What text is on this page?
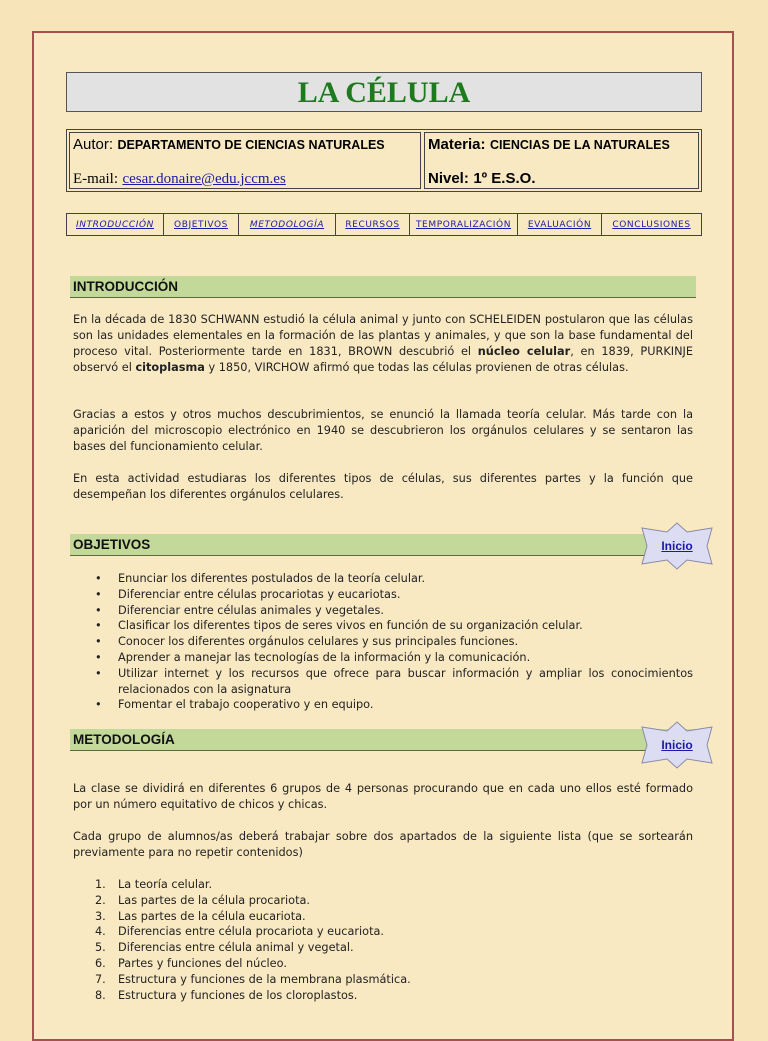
LA CÉLULA
Autor: DEPARTAMENTO DE CIENCIAS NATURALES
E-mail: cesar.donaire@edu.jccm.es
Materia: CIENCIAS DE LA NATURALES
Nivel: 1º E.S.O.
INTRODUCCIÓN	OBJETIVOS	METODOLOGÍA	RECURSOS	TEMPORALIZACIÓN	EVALUACIÓN	CONCLUSIONES
INTRODUCCIÓN

En la década de 1830 SCHWANN estudió la célula animal y junto con SCHELEIDEN postularon que las células son las unidades elementales en la formación de las plantas y animales, y que son la base fundamental del proceso vital. Posteriormente tarde en 1831, BROWN descubrió el núcleo celular, en 1839, PURKINJE observó el citoplasma y 1850, VIRCHOW afirmó que todas las células provienen de otras células.

Gracias a estos y otros muchos descubrimientos, se enunció la llamada teoría celular. Más tarde con la aparición del microscopio electrónico en 1940 se descubrieron los orgánulos celulares y se sentaron las bases del funcionamiento celular.

En esta actividad estudiaras los diferentes tipos de células, sus diferentes partes y la función que desempeñan los diferentes orgánulos celulares.

OBJETIVOS	Inicio
• Enunciar los diferentes postulados de la teoría celular.
• Diferenciar entre células procariotas y eucariotas.
• Diferenciar entre células animales y vegetales.
• Clasificar los diferentes tipos de seres vivos en función de su organización celular.
• Conocer los diferentes orgánulos celulares y sus principales funciones.
• Aprender a manejar las tecnologías de la información y la comunicación.
• Utilizar internet y los recursos que ofrece para buscar información y ampliar los conocimientos relacionados con la asignatura
• Fomentar el trabajo cooperativo y en equipo.
METODOLOGÍA	Inicio

La clase se dividirá en diferentes 6 grupos de 4 personas procurando que en cada uno ellos esté formado por un número equitativo de chicos y chicas.

Cada grupo de alumnos/as deberá trabajar sobre dos apartados de la siguiente lista (que se sortearán previamente para no repetir contenidos)

1. La teoría celular.
2. Las partes de la célula procariota.
3. Las partes de la célula eucariota.
4. Diferencias entre célula procariota y eucariota.
5. Diferencias entre célula animal y vegetal.
6. Partes y funciones del núcleo.
7. Estructura y funciones de la membrana plasmática.
8. Estructura y funciones de los cloroplastos.
